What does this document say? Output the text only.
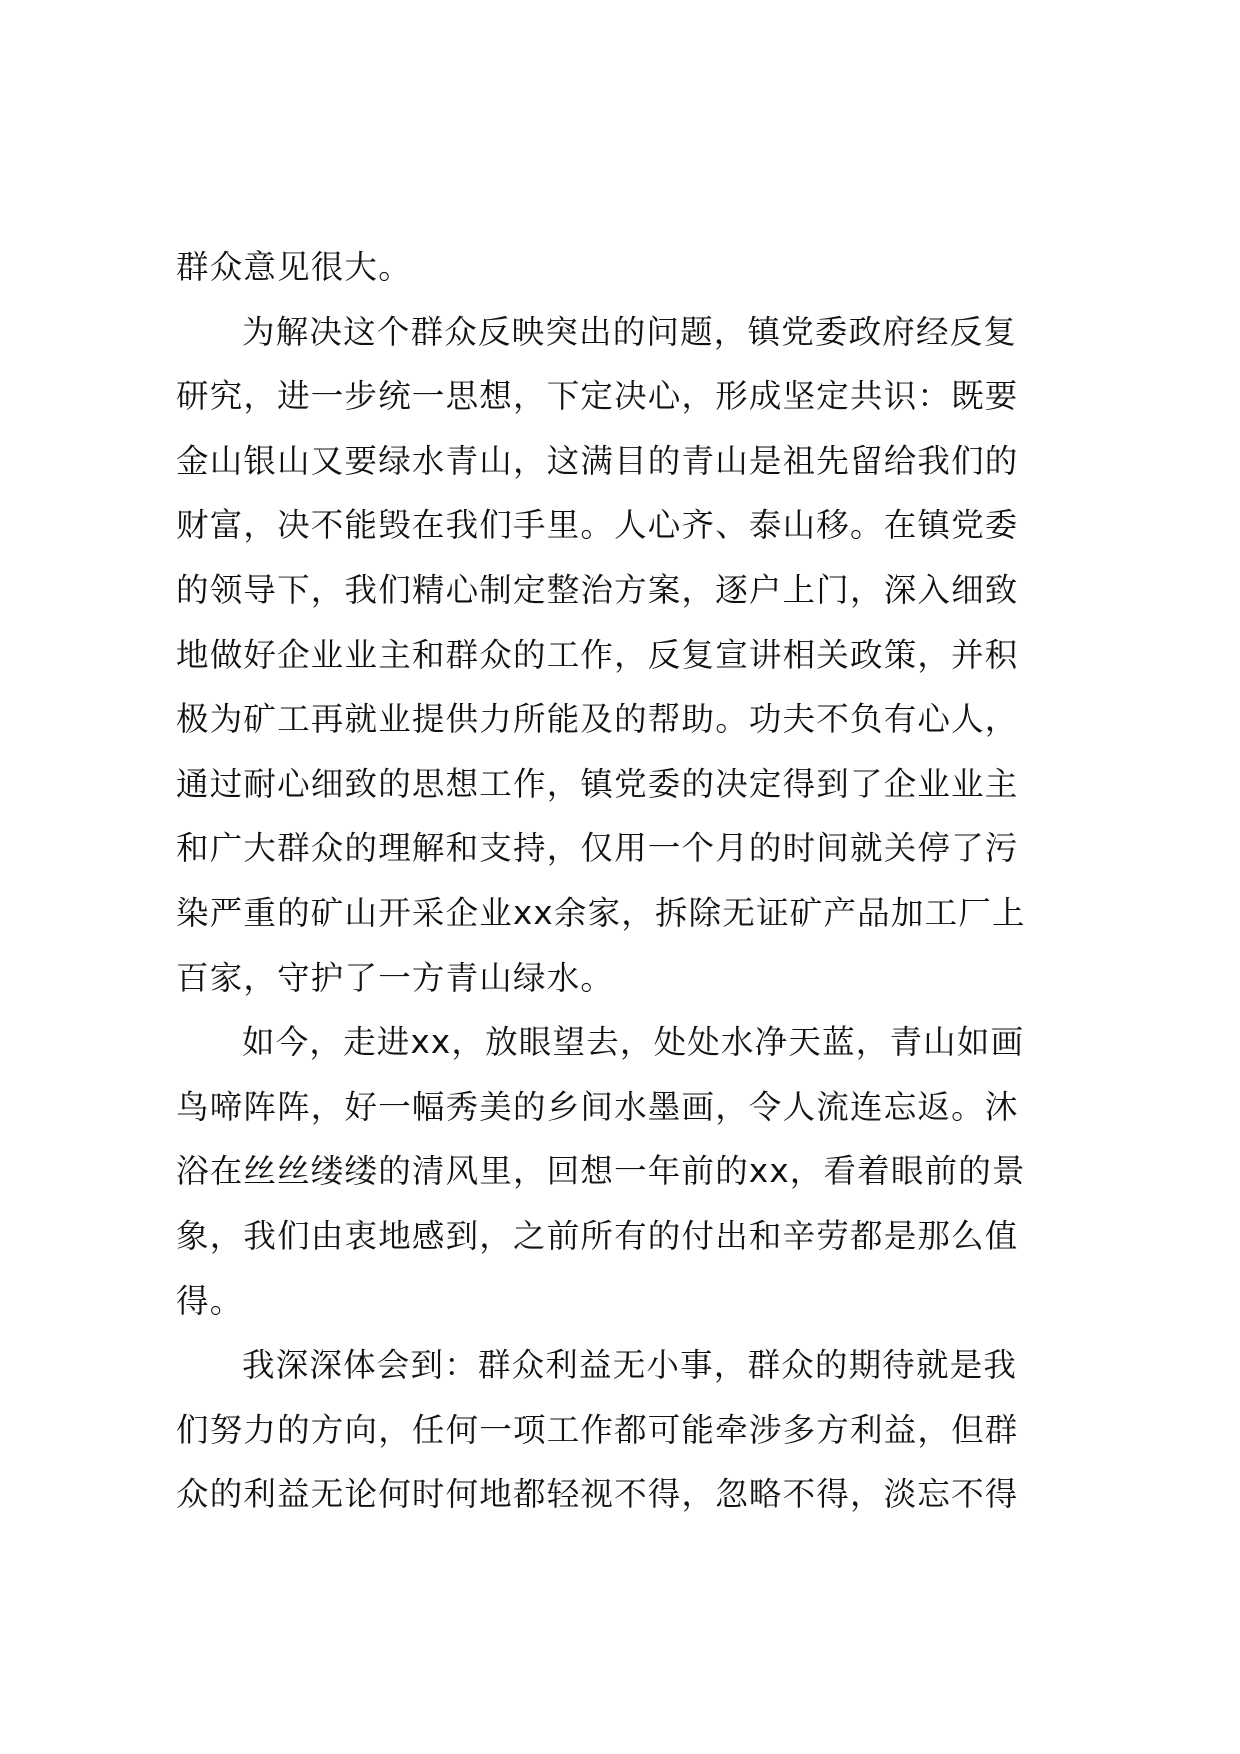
群众意见很大。
为解决这个群众反映突出的问题，镇党委政府经反复
研究，进一步统一思想，下定决心，形成坚定共识：既要
金山银山又要绿水青山，这满目的青山是祖先留给我们的
财富，决不能毁在我们手里。人心齐、泰山移。在镇党委
的领导下，我们精心制定整治方案，逐户上门，深入细致
地做好企业业主和群众的工作，反复宣讲相关政策，并积
极为矿工再就业提供力所能及的帮助。功夫不负有心人，
通过耐心细致的思想工作，镇党委的决定得到了企业业主
和广大群众的理解和支持，仅用一个月的时间就关停了污
染严重的矿山开采企业xx余家，拆除无证矿产品加工厂上
百家，守护了一方青山绿水。
如今，走进xx，放眼望去，处处水净天蓝，青山如画
鸟啼阵阵，好一幅秀美的乡间水墨画，令人流连忘返。沐
浴在丝丝缕缕的清风里，回想一年前的xx，看着眼前的景
象，我们由衷地感到，之前所有的付出和辛劳都是那么值
得。
我深深体会到：群众利益无小事，群众的期待就是我
们努力的方向，任何一项工作都可能牵涉多方利益，但群
众的利益无论何时何地都轻视不得，忽略不得，淡忘不得
